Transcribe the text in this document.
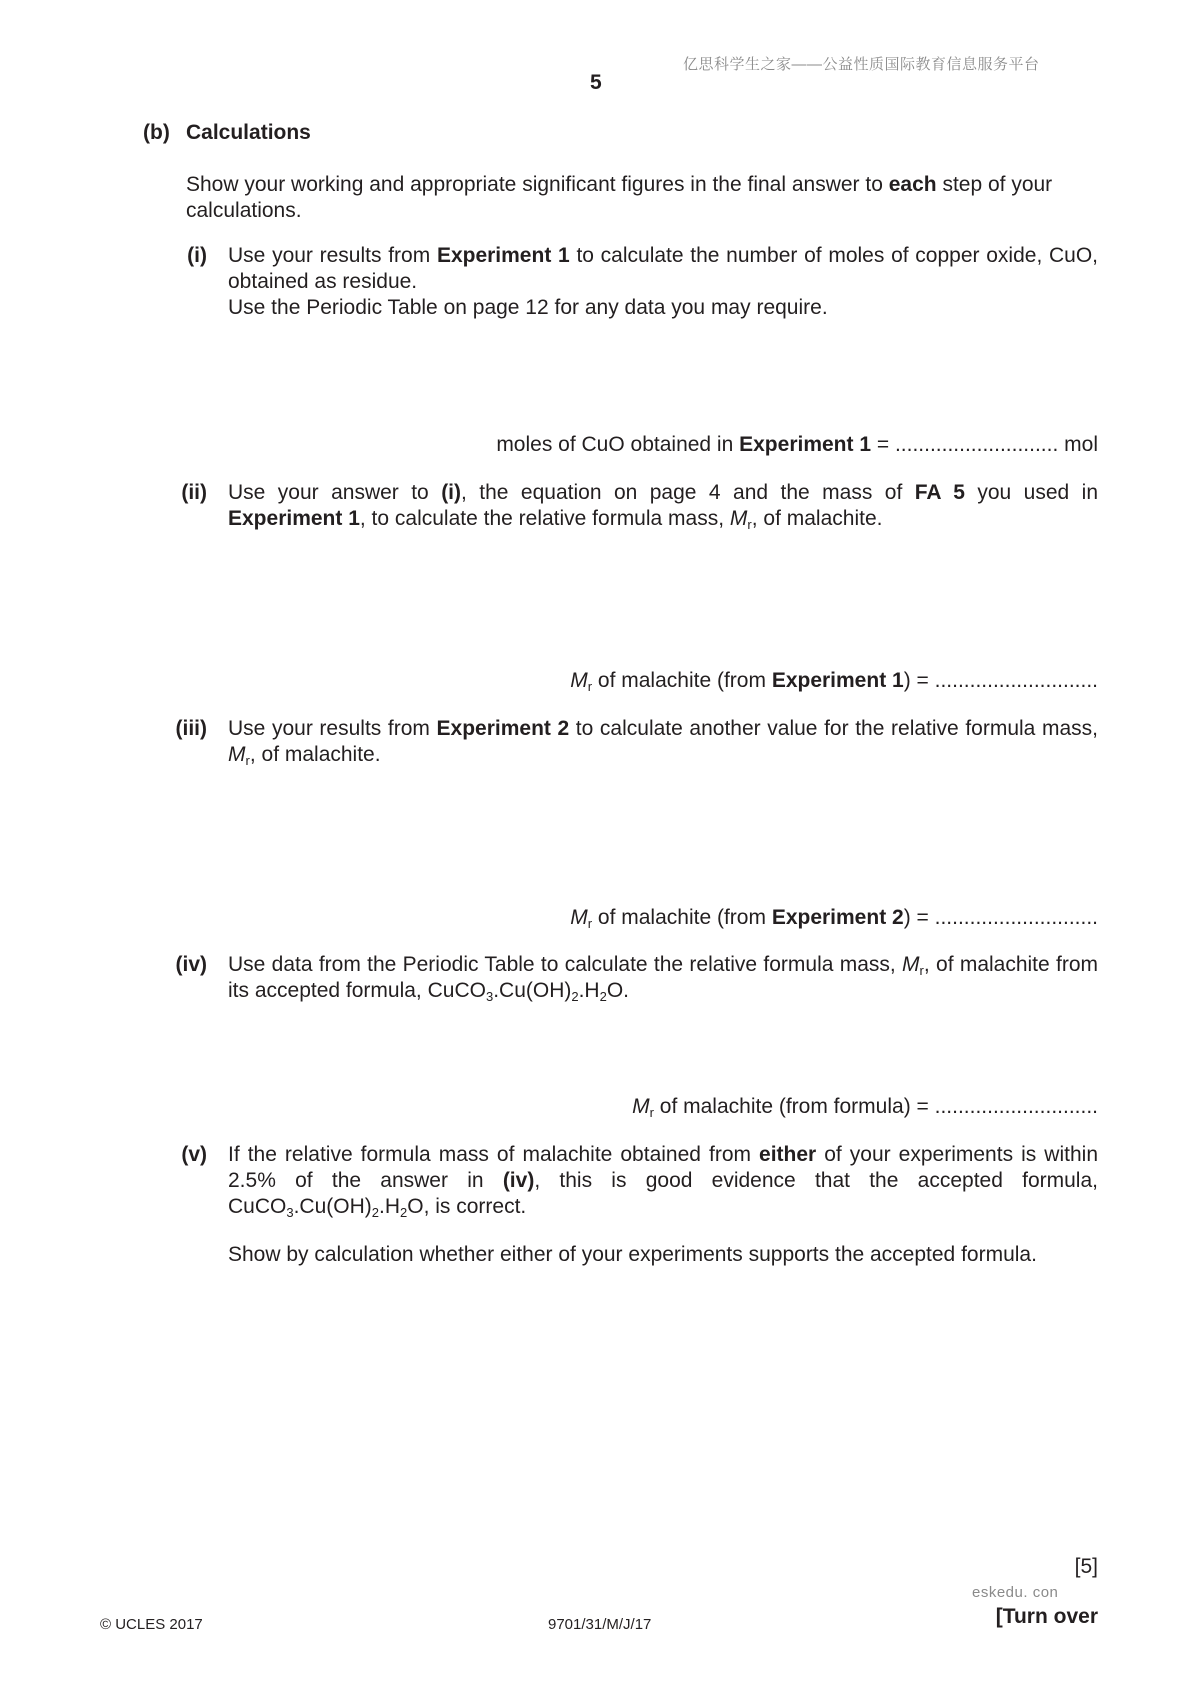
亿思科学生之家——公益性质国际教育信息服务平台
5
(b) Calculations
Show your working and appropriate significant figures in the final answer to each step of your calculations.
(i) Use your results from Experiment 1 to calculate the number of moles of copper oxide, CuO, obtained as residue.

Use the Periodic Table on page 12 for any data you may require.

moles of CuO obtained in Experiment 1 = ............................ mol
(ii) Use your answer to (i), the equation on page 4 and the mass of FA 5 you used in Experiment 1, to calculate the relative formula mass, $M_r$, of malachite.

$M_r$ of malachite (from Experiment 1) = ............................
(iii) Use your results from Experiment 2 to calculate another value for the relative formula mass, $M_r$, of malachite.

$M_r$ of malachite (from Experiment 2) = ............................
(iv) Use data from the Periodic Table to calculate the relative formula mass, $M_r$, of malachite from its accepted formula, $CuCO_3.Cu(OH)_2.H_2O$.

$M_r$ of malachite (from formula) = ............................
(v) If the relative formula mass of malachite obtained from either of your experiments is within 2.5% of the answer in (iv), this is good evidence that the accepted formula, $CuCO_3.Cu(OH)_2.H_2O$, is correct.

Show by calculation whether either of your experiments supports the accepted formula.

[5]
eskedu. con
© UCLES 2017	9701/31/M/J/17	[Turn over
